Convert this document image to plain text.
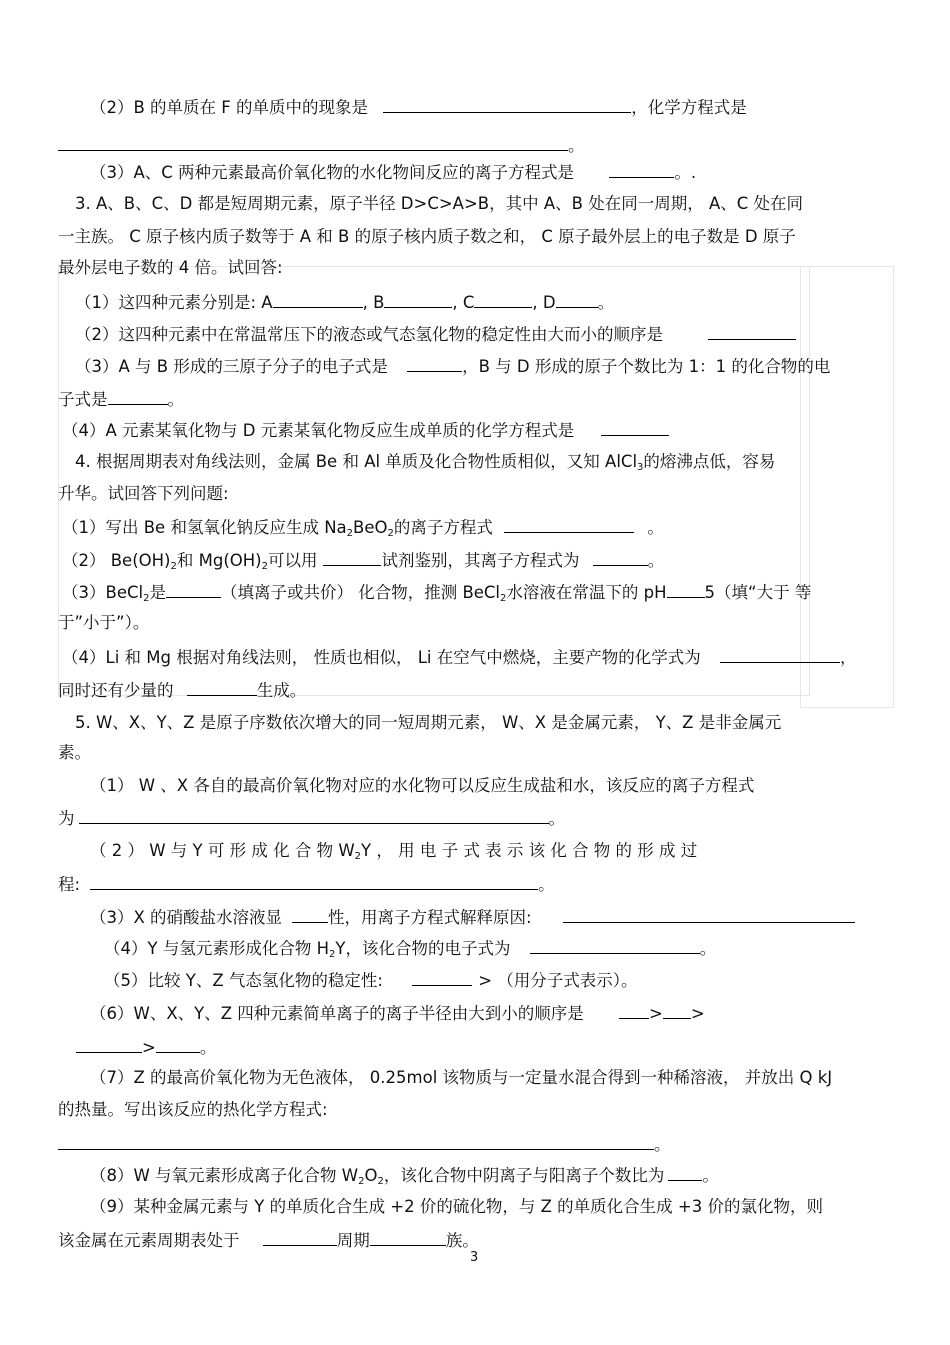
（2）B 的单质在 F 的单质中的现象是	，化学方程式是
。
（3）A、C 两种元素最高价氧化物的水化物间反应的离子方程式是	。.
3. A、B、C、D 都是短周期元素，原子半径 D>C>A>B，其中 A、B 处在同一周期， A、C 处在同
一主族。 C 原子核内质子数等于 A 和 B 的原子核内质子数之和， C 原子最外层上的电子数是 D 原子
最外层电子数的 4 倍。试回答:
（1）这四种元素分别是: A	, B	, C	, D	。
（2）这四种元素中在常温常压下的液态或气态氢化物的稳定性由大而小的顺序是
（3）A 与 B 形成的三原子分子的电子式是	，B 与 D 形成的原子个数比为 1：1 的化合物的电
子式是	。
（4）A 元素某氧化物与 D 元素某氧化物反应生成单质的化学方程式是
4. 根据周期表对角线法则，金属 Be 和 Al 单质及化合物性质相似，又知 AlCl$_3$的熔沸点低，容易
升华。试回答下列问题:
（1）写出 Be 和氢氧化钠反应生成 $Na_2BeO_2$的离子方程式	。
（2） $Be(OH)_2$和 $Mg(OH)_2$可以用	试剂鉴别，其离子方程式为	。
（3）BeCl$_2$是	（填离子或共价） 化合物，推测 BeCl$_2$水溶液在常温下的 pH 5（填“大于 等
于”小于”）。
（4）Li 和 Mg 根据对角线法则， 性质也相似， Li 在空气中燃烧，主要产物的化学式为	，
同时还有少量的	生成。
5. W、X、Y、Z 是原子序数依次增大的同一短周期元素， W、X 是金属元素， Y、Z 是非金属元
素。
（1） W 、X 各自的最高价氧化物对应的水化物可以反应生成盐和水，该反应的离子方程式
为	。
（ 2 ） W 与 Y 可 形 成 化 合 物 $W_2Y$ ， 用 电 子 式 表 示 该 化 合 物 的 形 成 过
程:	。
（3）X 的硝酸盐水溶液显	性，用离子方程式解释原因:
（4）Y 与氢元素形成化合物 $H_2Y$，该化合物的电子式为	。
（5）比较 Y、Z 气态氢化物的稳定性:	> （用分子式表示）。
（6）W、X、Y、Z 四种元素简单离子的离子半径由大到小的顺序是	> >
>	。
（7）Z 的最高价氧化物为无色液体， 0.25mol 该物质与一定量水混合得到一种稀溶液， 并放出 Q kJ
的热量。写出该反应的热化学方程式:
。
（8）W 与氧元素形成离子化合物 $W_2O_2$，该化合物中阴离子与阳离子个数比为 。
（9）某种金属元素与 Y 的单质化合生成 +2 价的硫化物，与 Z 的单质化合生成 +3 价的氯化物，则
该金属在元素周期表处于	周期	族。
3
